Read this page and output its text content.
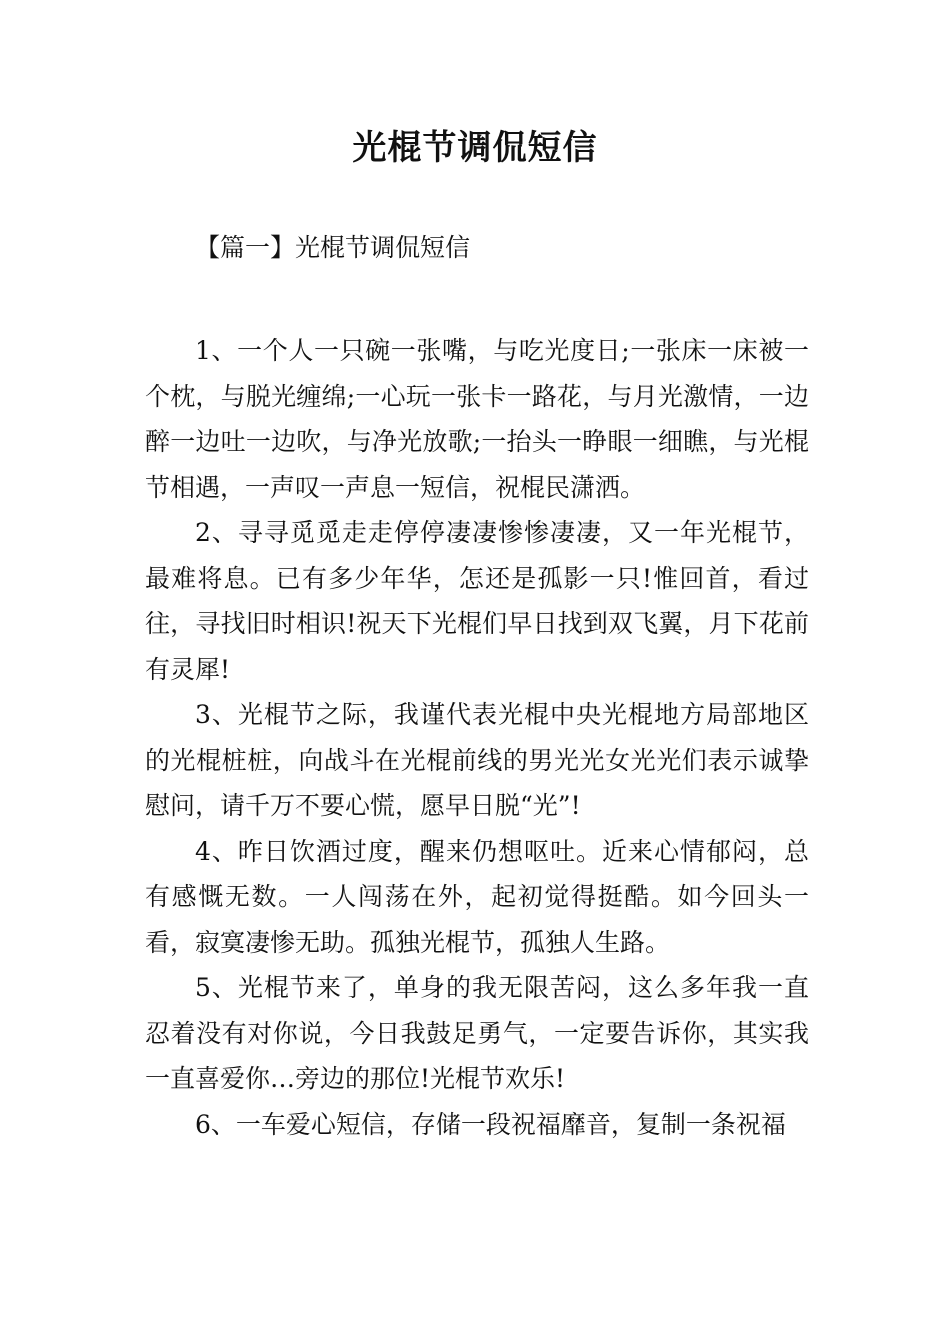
光棍节调侃短信
【篇一】光棍节调侃短信

1、一个人一只碗一张嘴，与吃光度日;一张床一床被一个枕，与脱光缠绵;一心玩一张卡一路花，与月光激情，一边醉一边吐一边吹，与净光放歌;一抬头一睁眼一细瞧，与光棍节相遇，一声叹一声息一短信，祝棍民潇洒。

2、寻寻觅觅走走停停凄凄惨惨凄凄，又一年光棍节，最难将息。已有多少年华，怎还是孤影一只!惟回首，看过往，寻找旧时相识!祝天下光棍们早日找到双飞翼，月下花前有灵犀!

3、光棍节之际，我谨代表光棍中央光棍地方局部地区的光棍桩桩，向战斗在光棍前线的男光光女光光们表示诚挚慰问，请千万不要心慌，愿早日脱“光”!

4、昨日饮酒过度，醒来仍想呕吐。近来心情郁闷，总有感慨无数。一人闯荡在外，起初觉得挺酷。如今回头一看，寂寞凄惨无助。孤独光棍节，孤独人生路。

5、光棍节来了，单身的我无限苦闷，这么多年我一直忍着没有对你说，今日我鼓足勇气，一定要告诉你，其实我一直喜爱你…旁边的那位!光棍节欢乐!

6、一车爱心短信，存储一段祝福靡音，复制一条祝福
